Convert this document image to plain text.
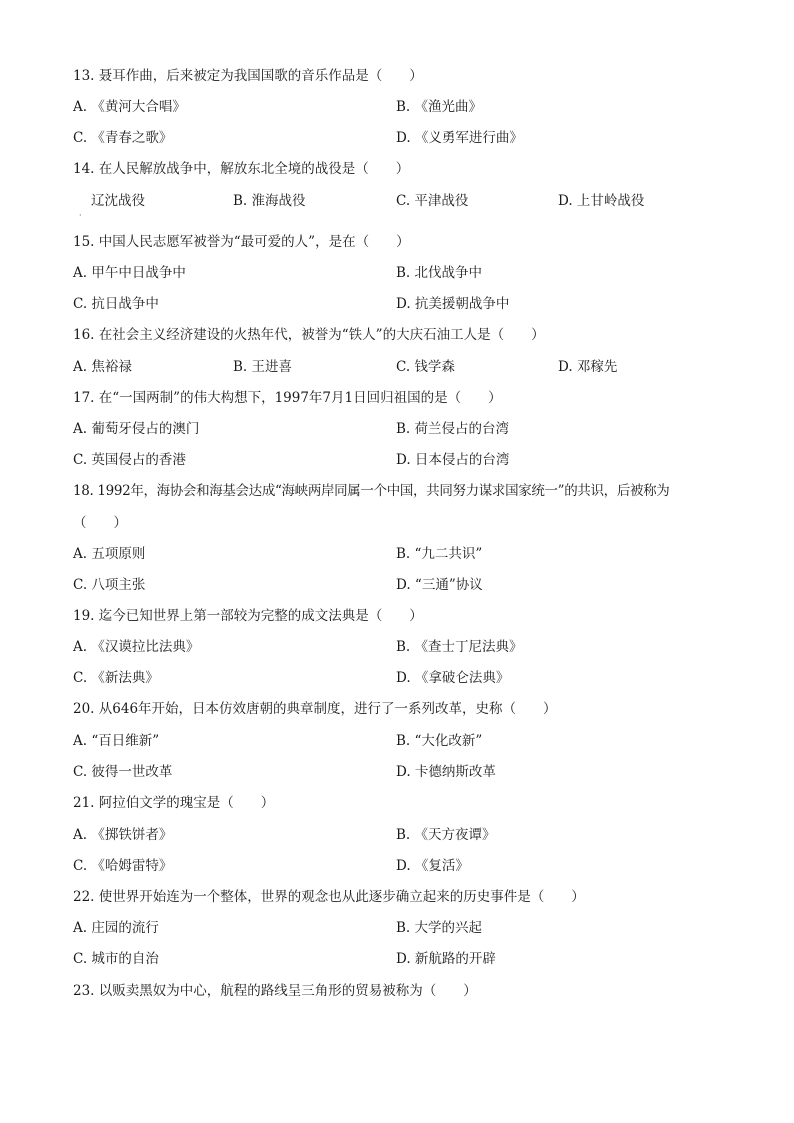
13. 聂耳作曲，后来被定为我国国歌的音乐作品是（　　）
A. 《黄河大合唱》	B. 《渔光曲》
C. 《青春之歌》	D. 《义勇军进行曲》
14. 在人民解放战争中，解放东北全境的战役是（　　）
辽沈战役
·
B. 淮海战役	C. 平津战役	D. 上甘岭战役
15. 中国人民志愿军被誉为“最可爱的人”，是在（　　）
A. 甲午中日战争中	B. 北伐战争中
C. 抗日战争中	D. 抗美援朝战争中
16. 在社会主义经济建设的火热年代，被誉为“铁人”的大庆石油工人是（　　）
A. 焦裕禄	B. 王进喜	C. 钱学森	D. 邓稼先
17. 在“一国两制”的伟大构想下，1997年7月1日回归祖国的是（　　）
A. 葡萄牙侵占的澳门	B. 荷兰侵占的台湾
C. 英国侵占的香港	D. 日本侵占的台湾
18. 1992年，海协会和海基会达成“海峡两岸同属一个中国，共同努力谋求国家统一”的共识，后被称为
（　　）
A. 五项原则	B. “九二共识”
C. 八项主张	D. “三通”协议
19. 迄今已知世界上第一部较为完整的成文法典是（　　）
A. 《汉谟拉比法典》	B. 《查士丁尼法典》
C. 《新法典》	D. 《拿破仑法典》
20. 从646年开始，日本仿效唐朝的典章制度，进行了一系列改革，史称（　　）
A. “百日维新”	B. “大化改新”
C. 彼得一世改革	D. 卡德纳斯改革
21. 阿拉伯文学的瑰宝是（　　）
A. 《掷铁饼者》	B. 《天方夜谭》
C. 《哈姆雷特》	D. 《复活》
22. 使世界开始连为一个整体，世界的观念也从此逐步确立起来的历史事件是（　　）
A. 庄园的流行	B. 大学的兴起
C. 城市的自治	D. 新航路的开辟
23. 以贩卖黑奴为中心，航程的路线呈三角形的贸易被称为（　　）
